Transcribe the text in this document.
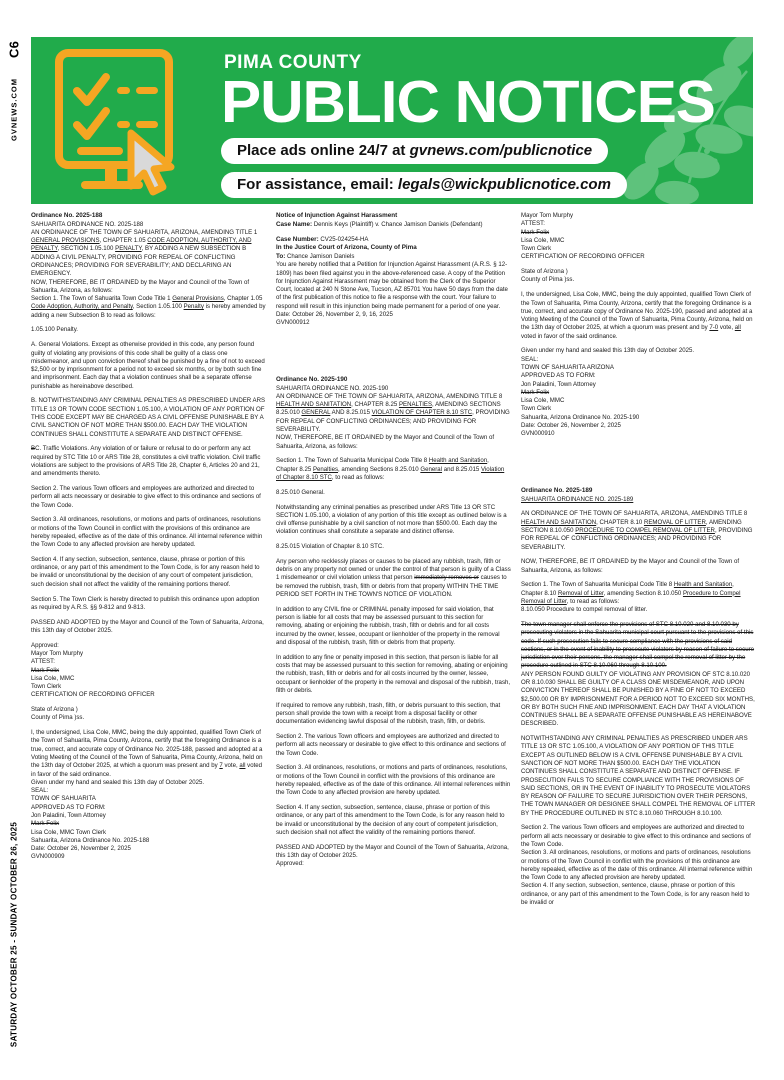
C6
GVNEWS.COM
SATURDAY OCTOBER 25 - SUNDAY OCTOBER 26, 2025
PIMA COUNTY
PUBLIC NOTICES
Place ads online 24/7 at gvnews.com/publicnotice For assistance, email: legals@wickpublicnotice.com

Ordinance No. 2025-188

SAHUARITA ORDINANCE NO. 2025-188

AN ORDINANCE OF THE TOWN OF SAHUARITA, ARIZONA, AMENDING TITLE 1 GENERAL PROVISIONS, CHAPTER 1.05 CODE ADOPTION, AUTHORITY, AND PENALTY, SECTION 1.05.100 PENALTY, BY ADDING A NEW SUBSECTION B ADDING A CIVIL PENALTY, PROVIDING FOR REPEAL OF CONFLICTING ORDINANCES; PROVIDING FOR SEVERABILITY; AND DECLARING AN EMERGENCY.

NOW, THEREFORE, BE IT ORDAINED by the Mayor and Council of the Town of Sahuarita, Arizona, as follows:

Section 1. The Town of Sahuarita Town Code Title 1 General Provisions, Chapter 1.05 Code Adoption, Authority, and Penalty, Section 1.05.100 Penalty is hereby amended by adding a new Subsection B to read as follows:

1.05.100 Penalty.

A. General Violations. Except as otherwise provided in this code, any person found guilty of violating any provisions of this code shall be guilty of a class one misdemeanor, and upon conviction thereof shall be punished by a fine of not to exceed $2,500 or by imprisonment for a period not to exceed six months, or by both such fine and imprisonment. Each day that a violation continues shall be a separate offense punishable as hereinabove described.

B. NOTWITHSTANDING ANY CRIMINAL PENALTIES AS PRESCRIBED UNDER ARS TITLE 13 OR TOWN CODE SECTION 1.05.100, A VIOLATION OF ANY PORTION OF THIS CODE EXCEPT MAY BE CHARGED AS A CIVIL OFFENSE PUNISHABLE BY A CIVIL SANCTION OF NOT MORE THAN $500.00. EACH DAY THE VIOLATION CONTINUES SHALL CONSTITUTE A SEPARATE AND DISTINCT OFFENSE.

BC. Traffic Violations. Any violation of or failure or refusal to do or perform any act required by STC Title 10 or ARS Title 28, constitutes a civil traffic violation. Civil traffic violations are subject to the provisions of ARS Title 28, Chapter 6, Articles 20 and 21, and amendments thereto.

Section 2. The various Town officers and employees are authorized and directed to perform all acts necessary or desirable to give effect to this ordinance and sections of the Town Code.

Section 3. All ordinances, resolutions, or motions and parts of ordinances, resolutions or motions of the Town Council in conflict with the provisions of this ordinance are hereby repealed, effective as of the date of this ordinance. All internal reference within the Town Code to any affected provision are hereby updated.

Section 4. If any section, subsection, sentence, clause, phrase or portion of this ordinance, or any part of this amendment to the Town Code, is for any reason held to be invalid or unconstitutional by the decision of any court of competent jurisdiction, such decision shall not affect the validity of the remaining portions thereof.

Section 5. The Town Clerk is hereby directed to publish this ordinance upon adoption as required by A.R.S. §§ 9-812 and 9-813.

PASSED AND ADOPTED by the Mayor and Council of the Town of Sahuarita, Arizona, this 13th day of October 2025.

Approved:

Mayor Tom Murphy

ATTEST:

Mark Felix

Lisa Cole, MMC

Town Clerk

CERTIFICATION OF RECORDING OFFICER

State of Arizona )

County of Pima )ss.

I, the undersigned, Lisa Cole, MMC, being the duly appointed, qualified Town Clerk of the Town of Sahuarita, Pima County, Arizona, certify that the foregoing Ordinance is a true, correct, and accurate copy of Ordinance No. 2025-188, passed and adopted at a Voting Meeting of the Council of the Town of Sahuarita, Pima County, Arizona, held on the 13th day of October 2025, at which a quorum was present and by 7 vote, all voted in favor of the said ordinance.

Given under my hand and sealed this 13th day of October 2025.

SEAL:

TOWN OF SAHUARITA

APPROVED AS TO FORM:

Jon Paladini, Town Attorney

Mark Felix

Lisa Cole, MMC Town Clerk

Sahuarita, Arizona Ordinance No. 2025-188

Date: October 26, November 2, 2025

GVN000909

Notice of Injunction Against Harassment

Case Name: Dennis Keys (Plaintiff) v. Chance Jamison Daniels (Defendant)

Case Number: CV25-024254-HA

In the Justice Court of Arizona, County of Pima

To: Chance Jamison Daniels

You are hereby notified that a Petition for Injunction Against Harassment (A.R.S. § 12-1809) has been filed against you in the above-referenced case. A copy of the Petition for Injunction Against Harassment may be obtained from the Clerk of the Superior Court, located at 240 N Stone Ave, Tucson, AZ 85701 You have 50 days from the date of the first publication of this notice to file a response with the court. Your failure to respond will result in this injunction being made permanent for a period of one year.

Date: October 26, November 2, 9, 16, 2025

GVN000912

Ordinance No. 2025-190

SAHUARITA ORDINANCE NO. 2025-190

AN ORDINANCE OF THE TOWN OF SAHUARITA, ARIZONA, AMENDING TITLE 8 HEALTH AND SANITATION, CHAPTER 8.25 PENALTIES, AMENDING SECTIONS 8.25.010 GENERAL AND 8.25.015 VIOLATION OF CHAPTER 8.10 STC, PROVIDING FOR REPEAL OF CONFLICTING ORDINANCES; AND PROVIDING FOR SEVERABILITY.

NOW, THEREFORE, BE IT ORDAINED by the Mayor and Council of the Town of Sahuarita, Arizona, as follows:

Section 1. The Town of Sahuarita Municipal Code Title 8 Health and Sanitation, Chapter 8.25 Penalties, amending Sections 8.25.010 General and 8.25.015 Violation of Chapter 8.10 STC, to read as follows:

8.25.010 General.

Notwithstanding any criminal penalties as prescribed under ARS Title 13 OR STC SECTION 1.05.100, a violation of any portion of this title except as outlined below is a civil offense punishable by a civil sanction of not more than $500.00. Each day the violation continues shall constitute a separate and distinct offense.

8.25.015 Violation of Chapter 8.10 STC.

Any person who recklessly places or causes to be placed any rubbish, trash, filth or debris on any property not owned or under the control of that person is guilty of a Class 1 misdemeanor or civil violation unless that person immediately removes or causes to be removed the rubbish, trash, filth or debris from that property WITHIN THE TIME PERIOD SET FORTH IN THE TOWN'S NOTICE OF VIOLATION.

In addition to any CIVIL fine or CRIMINAL penalty imposed for said violation, that person is liable for all costs that may be assessed pursuant to this section for removing, abating or enjoining the rubbish, trash, filth or debris and for all costs incurred by the owner, lessee, occupant or lienholder of the property in the removal and disposal of the rubbish, trash, filth or debris from that property.

In addition to any fine or penalty imposed in this section, that person is liable for all costs that may be assessed pursuant to this section for removing, abating or enjoining the rubbish, trash, filth or debris and for all costs incurred by the owner, lessee, occupant or lienholder of the property in the removal and disposal of the rubbish, trash, filth or debris.

If required to remove any rubbish, trash, filth, or debris pursuant to this section, that person shall provide the town with a receipt from a disposal facility or other documentation evidencing lawful disposal of the rubbish, trash, filth, or debris.

Section 2. The various Town officers and employees are authorized and directed to perform all acts necessary or desirable to give effect to this ordinance and sections of the Town Code.

Section 3. All ordinances, resolutions, or motions and parts of ordinances, resolutions, or motions of the Town Council in conflict with the provisions of this ordinance are hereby repealed, effective as of the date of this ordinance. All internal references within the Town Code to any affected provision are hereby updated.

Section 4. If any section, subsection, sentence, clause, phrase or portion of this ordinance, or any part of this amendment to the Town Code, is for any reason held to be invalid or unconstitutional by the decision of any court of competent jurisdiction, such decision shall not affect the validity of the remaining portions thereof.

PASSED AND ADOPTED by the Mayor and Council of the Town of Sahuarita, Arizona, this 13th day of October 2025.

Approved:

Mayor Tom Murphy

ATTEST:

Mark Felix

Lisa Cole, MMC

Town Clerk

CERTIFICATION OF RECORDING OFFICER

State of Arizona )

County of Pima )ss.

I, the undersigned, Lisa Cole, MMC, being the duly appointed, qualified Town Clerk of the Town of Sahuarita, Pima County, Arizona, certify that the foregoing Ordinance is a true, correct, and accurate copy of Ordinance No. 2025-190, passed and adopted at a Voting Meeting of the Council of the Town of Sahuarita, Pima County, Arizona, held on the 13th day of October 2025, at which a quorum was present and by 7-0 vote, all voted in favor of the said ordinance.

Given under my hand and sealed this 13th day of October 2025.

SEAL:

TOWN OF SAHUARITA ARIZONA

APPROVED AS TO FORM:

Jon Paladini, Town Attorney

Mark Felix

Lisa Cole, MMC

Town Clerk

Sahuarita, Arizona Ordinance No. 2025-190

Date: October 26, November 2, 2025

GVN000910

Ordinance No. 2025-189

SAHUARITA ORDINANCE NO. 2025-189

AN ORDINANCE OF THE TOWN OF SAHUARITA, ARIZONA, AMENDING TITLE 8 HEALTH AND SANITATION, CHAPTER 8.10 REMOVAL OF LITTER, AMENDING SECTION 8.10.050 PROCEDURE TO COMPEL REMOVAL OF LITTER, PROVIDING FOR REPEAL OF CONFLICTING ORDINANCES; AND PROVIDING FOR SEVERABILITY.

NOW, THEREFORE, BE IT ORDAINED by the Mayor and Council of the Town of Sahuarita, Arizona, as follows:

Section 1. The Town of Sahuarita Municipal Code Title 8 Health and Sanitation, Chapter 8.10 Removal of Litter, amending Section 8.10.050 Procedure to Compel Removal of Litter, to read as follows:

8.10.050 Procedure to compel removal of litter.

The town manager shall enforce the provisions of STC 8.10.020 and 8.10.030 by prosecuting violators in the Sahuarita municipal court pursuant to the provisions of this code. If such prosecution fails to secure compliance with the provisions of said sections, or in the event of inability to prosecute violators by reason of failure to secure jurisdiction over their persons, the manager shall compel the removal of litter by the procedure outlined in STC 8.10.060 through 8.10.100.

ANY PERSON FOUND GUILTY OF VIOLATING ANY PROVISION OF STC 8.10.020 OR 8.10.030 SHALL BE GUILTY OF A CLASS ONE MISDEMEANOR, AND UPON CONVICTION THEREOF SHALL BE PUNISHED BY A FINE OF NOT TO EXCEED $2,500.00 OR BY IMPRISONMENT FOR A PERIOD NOT TO EXCEED SIX MONTHS, OR BY BOTH SUCH FINE AND IMPRISONMENT. EACH DAY THAT A VIOLATION CONTINUES SHALL BE A SEPARATE OFFENSE PUNISHABLE AS HEREINABOVE DESCRIBED.

NOTWITHSTANDING ANY CRIMINAL PENALTIES AS PRESCRIBED UNDER ARS TITLE 13 OR STC 1.05.100, A VIOLATION OF ANY PORTION OF THIS TITLE EXCEPT AS OUTLINED BELOW IS A CIVIL OFFENSE PUNISHABLE BY A CIVIL SANCTION OF NOT MORE THAN $500.00. EACH DAY THE VIOLATION CONTINUES SHALL CONSTITUTE A SEPARATE AND DISTINCT OFFENSE. IF PROSECUTION FAILS TO SECURE COMPLIANCE WITH THE PROVISIONS OF SAID SECTIONS, OR IN THE EVENT OF INABILITY TO PROSECUTE VIOLATORS BY REASON OF FAILURE TO SECURE JURISDICTION OVER THEIR PERSONS, THE TOWN MANAGER OR DESIGNEE SHALL COMPEL THE REMOVAL OF LITTER BY THE PROCEDURE OUTLINED IN STC 8.10.060 THROUGH 8.10.100.

Section 2. The various Town officers and employees are authorized and directed to perform all acts necessary or desirable to give effect to this ordinance and sections of the Town Code.

Section 3. All ordinances, resolutions, or motions and parts of ordinances, resolutions or motions of the Town Council in conflict with the provisions of this ordinance are hereby repealed, effective as of the date of this ordinance. All internal reference within the Town Code to any affected provision are hereby updated.

Section 4. If any section, subsection, sentence, clause, phrase or portion of this ordinance, or any part of this amendment to the Town Code, is for any reason held to be invalid or
